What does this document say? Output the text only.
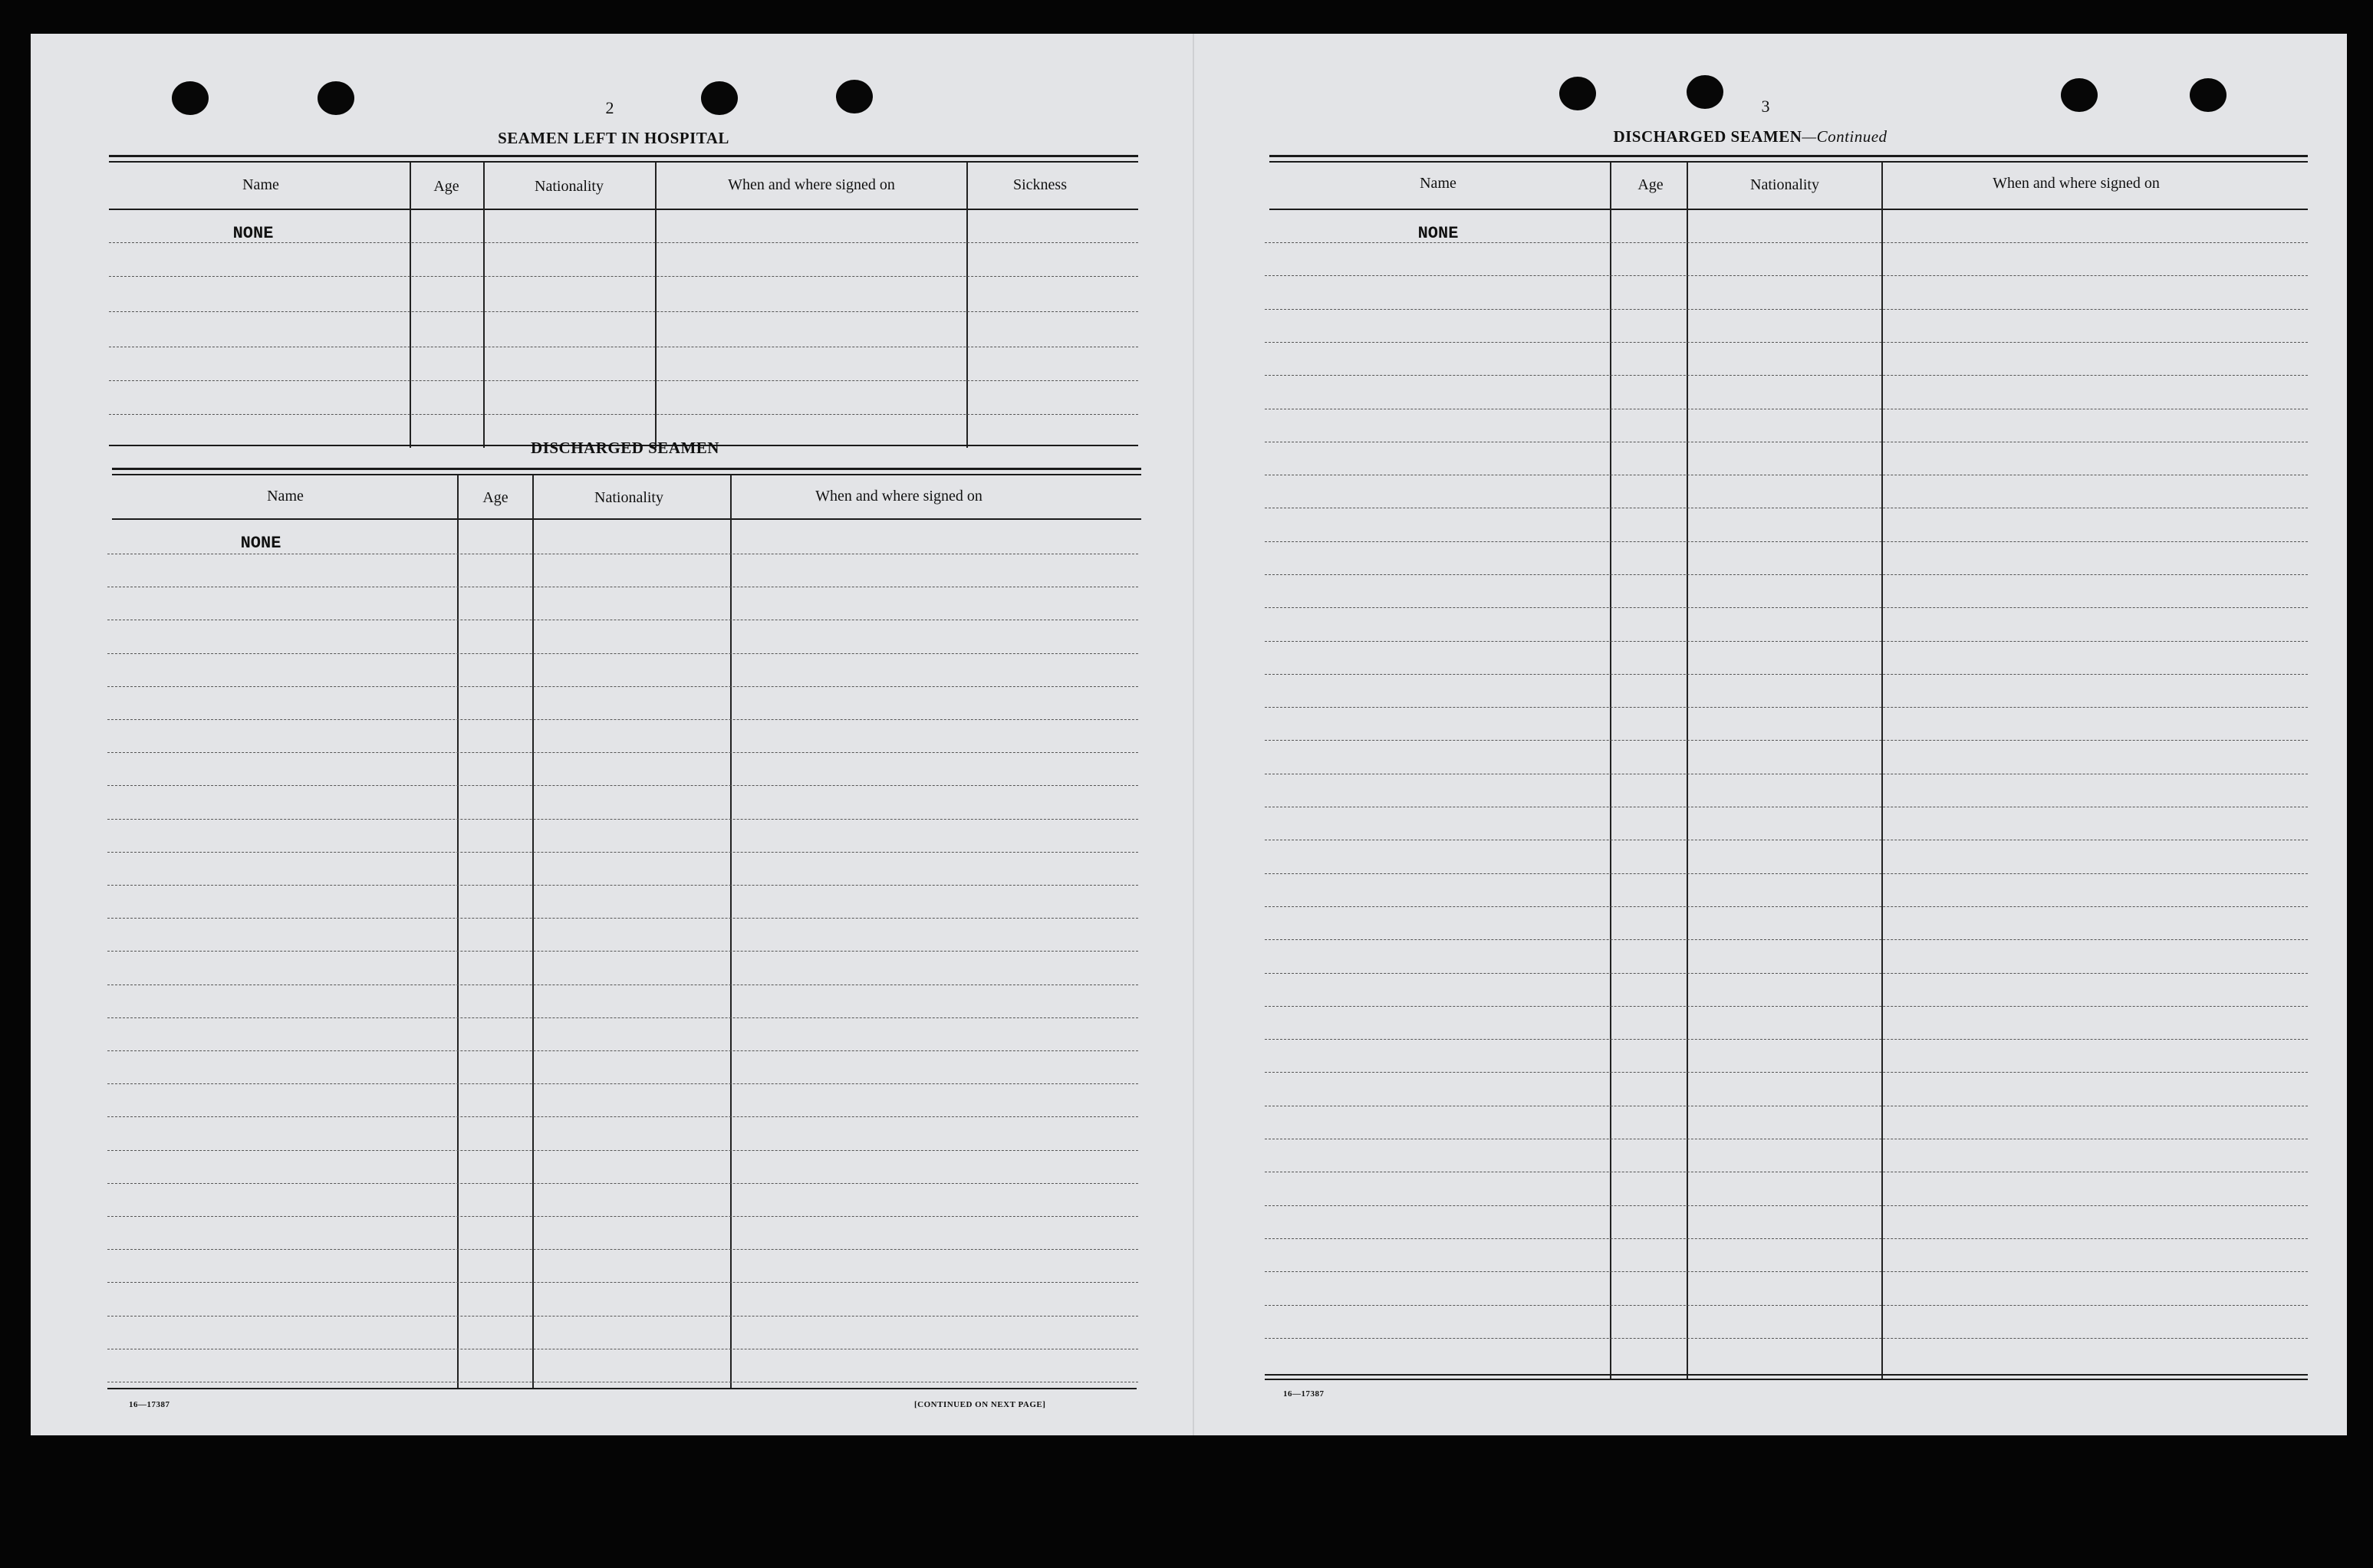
2
SEAMEN LEFT IN HOSPITAL
Name	Age	Nationality	When and where signed on	Sickness
NONE
DISCHARGED SEAMEN
Name	Age	Nationality	When and where signed on
NONE
16—17387	[CONTINUED ON NEXT PAGE]
3
DISCHARGED SEAMEN—Continued
Name	Age	Nationality	When and where signed on
NONE
16—17387
